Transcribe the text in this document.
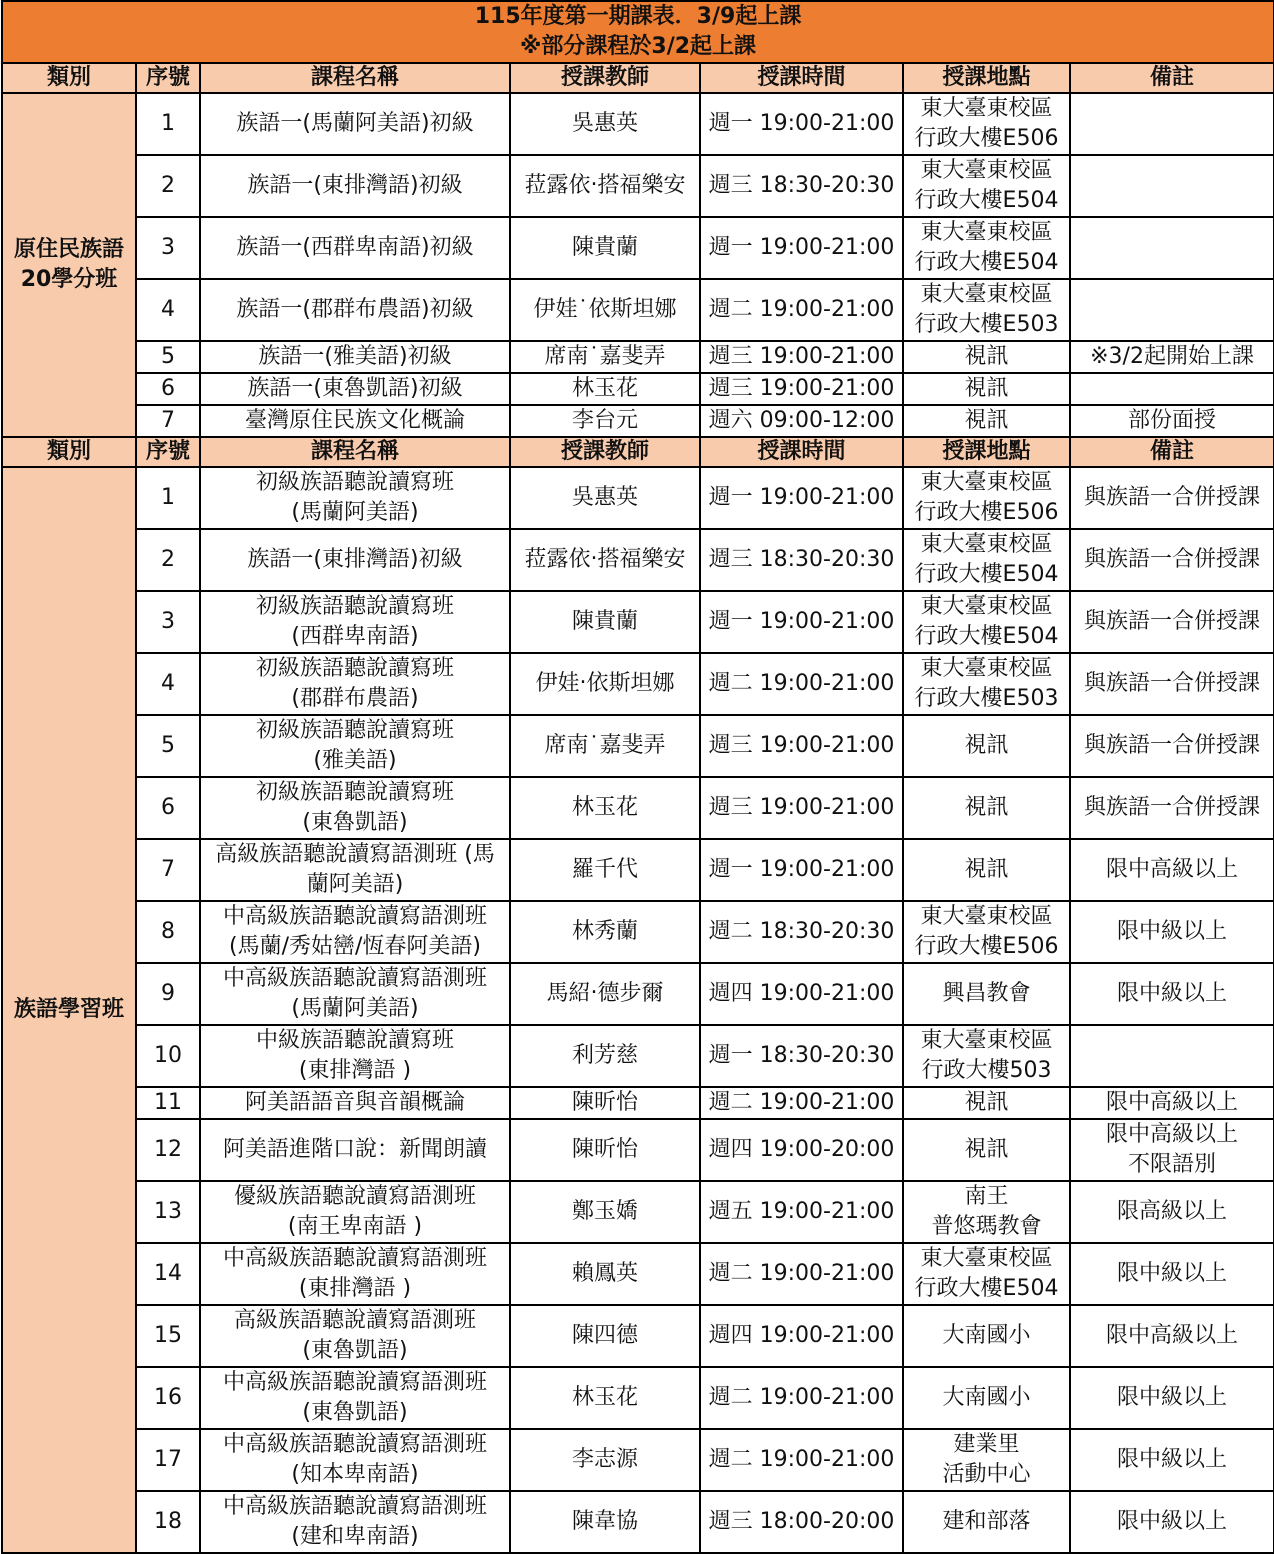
115年度第一期課表．3/9起上課
※部分課程於3/2起上課						

類別	序號	課程名稱	授課教師	授課時間	授課地點	備註
原住民族語
20學分班	1	族語一(馬蘭阿美語)初級	吳惠英	週一 19:00-21:00	東大臺東校區
行政大樓E506	
	2	族語一(東排灣語)初級	菈露依‧搭福樂安	週三 18:30-20:30	東大臺東校區
行政大樓E504	
	3	族語一(西群卑南語)初級	陳貴蘭	週一 19:00-21:00	東大臺東校區
行政大樓E504	
	4	族語一(郡群布農語)初級	伊娃˙依斯坦娜	週二 19:00-21:00	東大臺東校區
行政大樓E503	
	5	族語一(雅美語)初級	席南˙嘉斐弄	週三 19:00-21:00	視訊	※3/2起開始上課
	6	族語一(東魯凱語)初級	林玉花	週三 19:00-21:00	視訊	
	7	臺灣原住民族文化概論	李台元	週六 09:00-12:00	視訊	部份面授
類別	序號	課程名稱	授課教師	授課時間	授課地點	備註
族語學習班	1	初級族語聽說讀寫班
(馬蘭阿美語)	吳惠英	週一 19:00-21:00	東大臺東校區
行政大樓E506	與族語一合併授課
	2	族語一(東排灣語)初級	菈露依‧搭福樂安	週三 18:30-20:30	東大臺東校區
行政大樓E504	與族語一合併授課
	3	初級族語聽說讀寫班
(西群卑南語)	陳貴蘭	週一 19:00-21:00	東大臺東校區
行政大樓E504	與族語一合併授課
	4	初級族語聽說讀寫班
(郡群布農語)	伊娃‧依斯坦娜	週二 19:00-21:00	東大臺東校區
行政大樓E503	與族語一合併授課
	5	初級族語聽說讀寫班
(雅美語)	席南˙嘉斐弄	週三 19:00-21:00	視訊	與族語一合併授課
	6	初級族語聽說讀寫班
(東魯凱語)	林玉花	週三 19:00-21:00	視訊	與族語一合併授課
	7	高級族語聽說讀寫語測班 (馬
蘭阿美語)	羅千代	週一 19:00-21:00	視訊	限中高級以上
	8	中高級族語聽說讀寫語測班
(馬蘭/秀姑巒/恆春阿美語)	林秀蘭	週二 18:30-20:30	東大臺東校區
行政大樓E506	限中級以上
	9	中高級族語聽說讀寫語測班
(馬蘭阿美語)	馬紹‧德步爾	週四 19:00-21:00	興昌教會	限中級以上
	10	中級族語聽說讀寫班
(東排灣語 )	利芳慈	週一 18:30-20:30	東大臺東校區
行政大樓503	
	11	阿美語語音與音韻概論	陳昕怡	週二 19:00-21:00	視訊	限中高級以上
	12	阿美語進階口說：新聞朗讀	陳昕怡	週四 19:00-20:00	視訊	限中高級以上
不限語別
	13	優級族語聽說讀寫語測班
(南王卑南語 )	鄭玉嬌	週五 19:00-21:00	南王
普悠瑪教會	限高級以上
	14	中高級族語聽說讀寫語測班
(東排灣語 )	賴鳳英	週二 19:00-21:00	東大臺東校區
行政大樓E504	限中級以上
	15	高級族語聽說讀寫語測班
(東魯凱語)	陳四德	週四 19:00-21:00	大南國小	限中高級以上
	16	中高級族語聽說讀寫語測班
(東魯凱語)	林玉花	週二 19:00-21:00	大南國小	限中級以上
	17	中高級族語聽說讀寫語測班
(知本卑南語)	李志源	週二 19:00-21:00	建業里
活動中心	限中級以上
	18	中高級族語聽說讀寫語測班
(建和卑南語)	陳韋協	週三 18:00-20:00	建和部落	限中級以上
